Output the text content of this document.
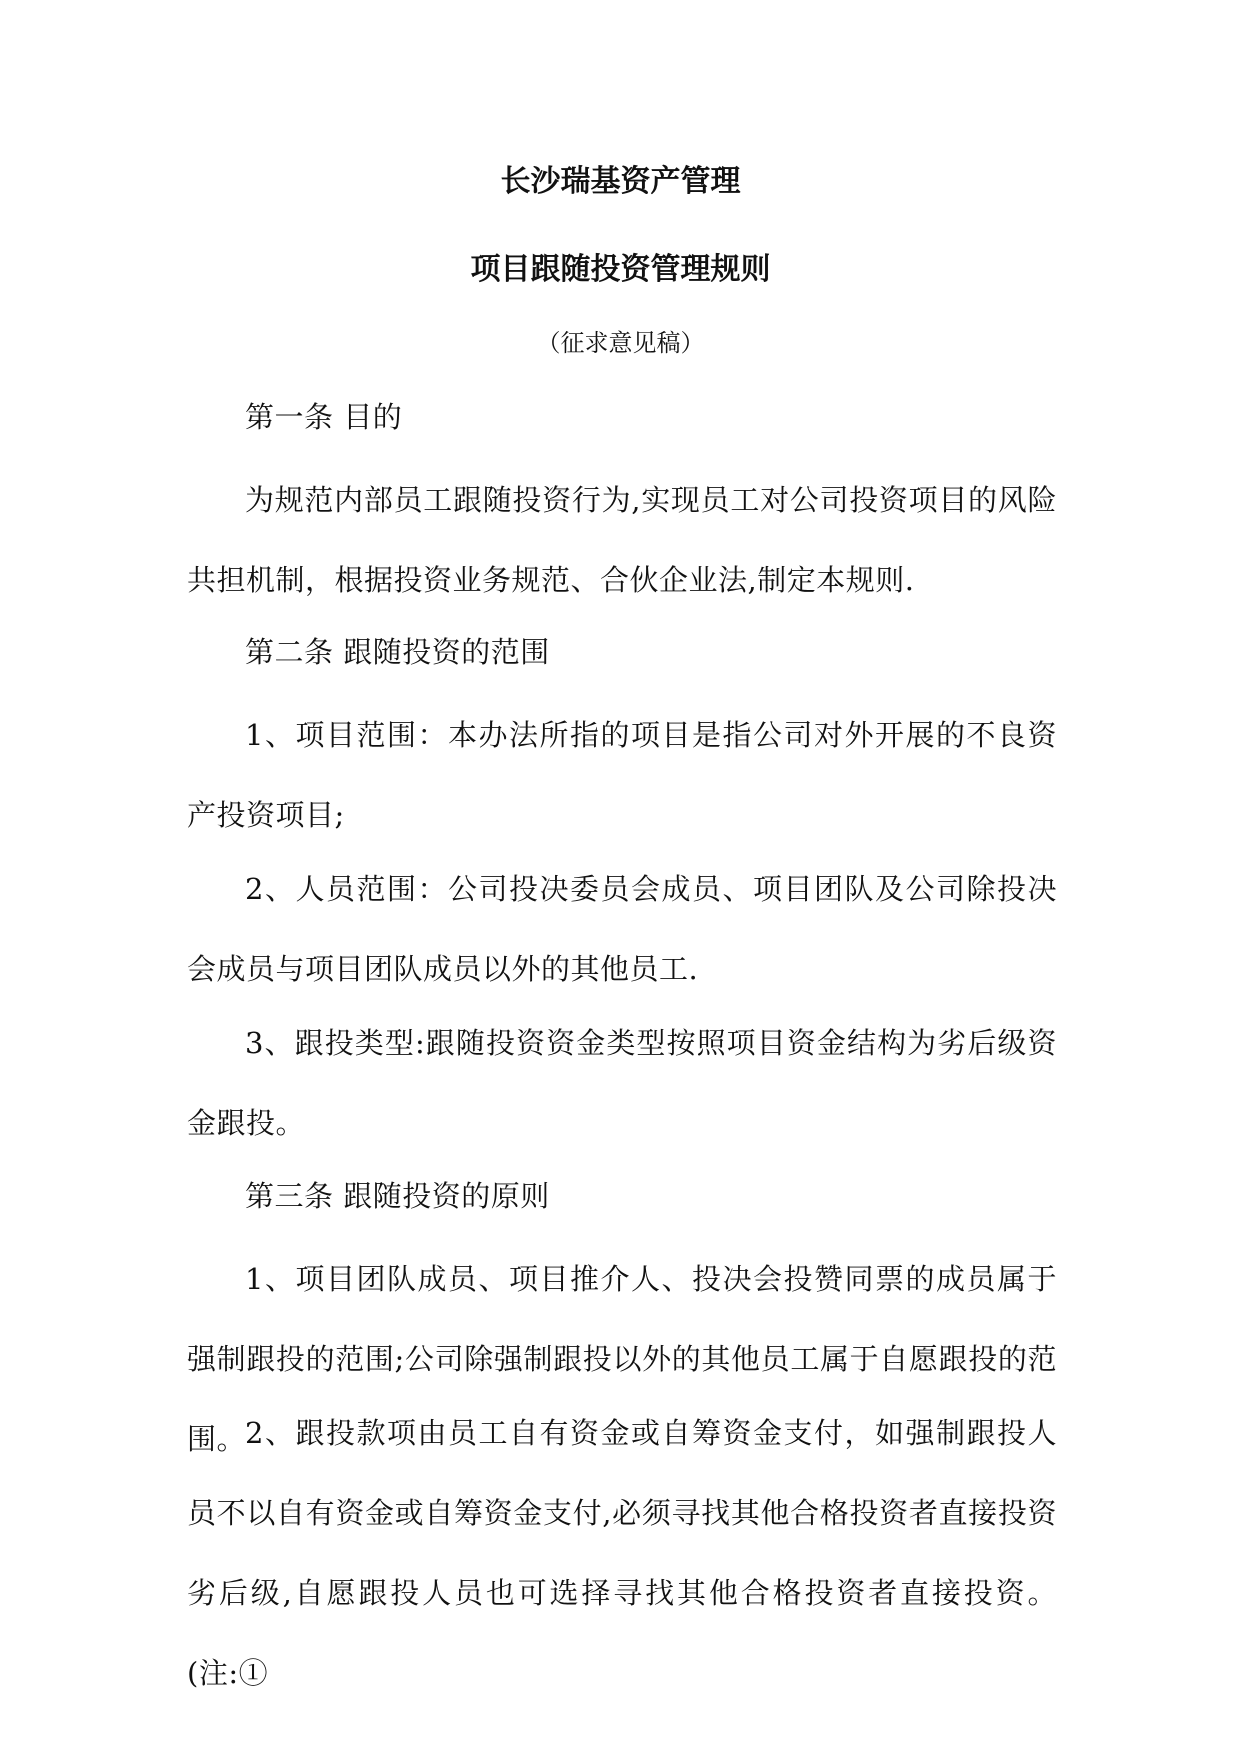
长沙瑞基资产管理
项目跟随投资管理规则

（征求意见稿）

第一条 目的

为规范内部员工跟随投资行为,实现员工对公司投资项目的风险共担机制，根据投资业务规范、合伙企业法,制定本规则.

第二条 跟随投资的范围

1、项目范围：本办法所指的项目是指公司对外开展的不良资产投资项目;

2、人员范围：公司投决委员会成员、项目团队及公司除投决会成员与项目团队成员以外的其他员工.

3、跟投类型:跟随投资资金类型按照项目资金结构为劣后级资金跟投。

第三条 跟随投资的原则

1、项目团队成员、项目推介人、投决会投赞同票的成员属于强制跟投的范围;公司除强制跟投以外的其他员工属于自愿跟投的范围。

2、跟投款项由员工自有资金或自筹资金支付，如强制跟投人员不以自有资金或自筹资金支付,必须寻找其他合格投资者直接投资劣后级,自愿跟投人员也可选择寻找其他合格投资者直接投资。(注:①
